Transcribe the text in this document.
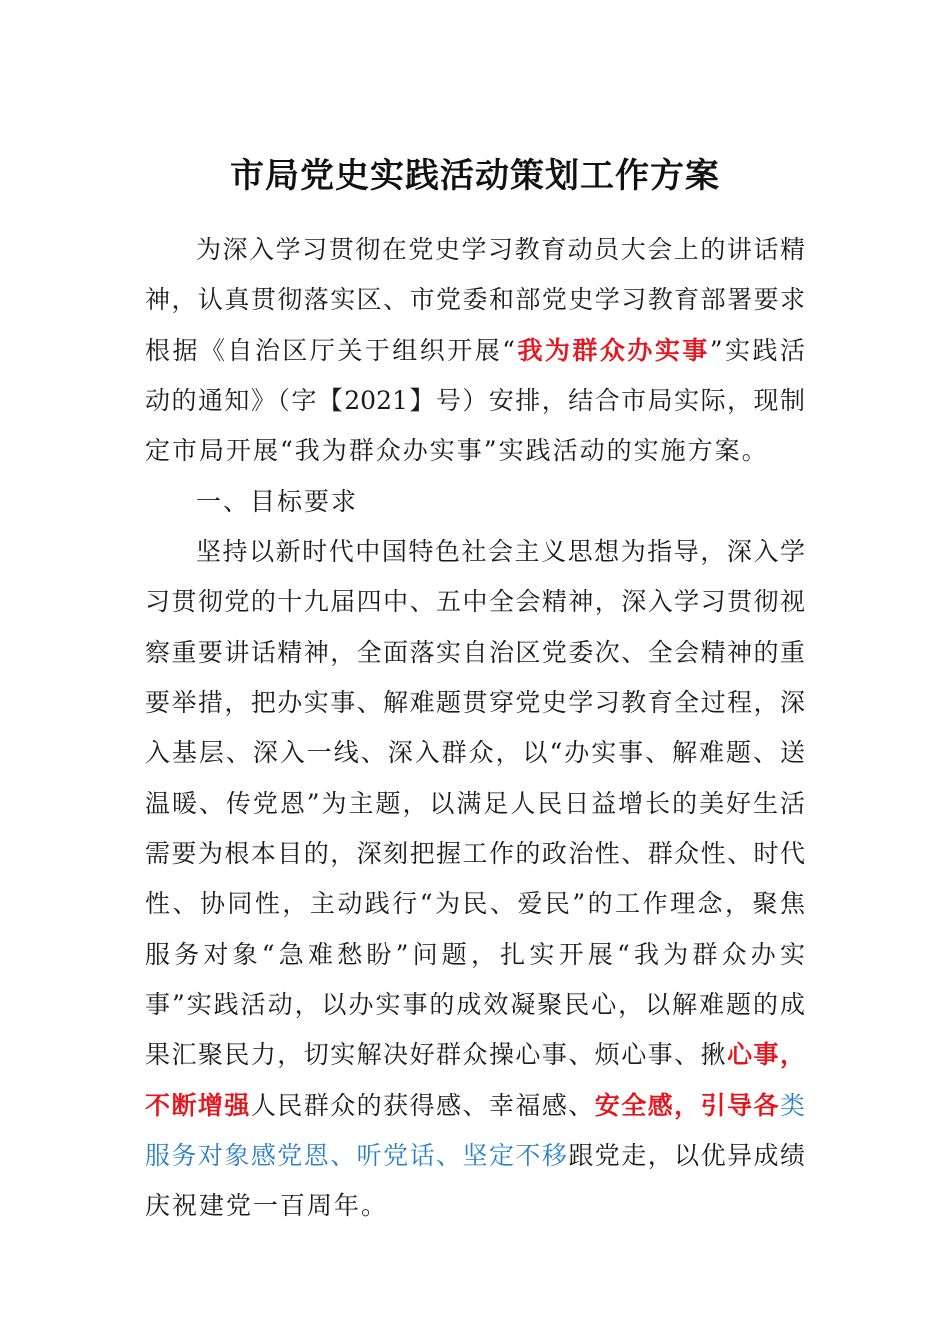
市局党史实践活动策划工作方案
为深入学习贯彻在党史学习教育动员大会上的讲话精
神，认真贯彻落实区、市党委和部党史学习教育部署要求
根据《自治区厅关于组织开展“我为群众办实事”实践活
动的通知》（字【2021】号）安排，结合市局实际，现制
定市局开展“我为群众办实事”实践活动的实施方案。
一、目标要求
坚持以新时代中国特色社会主义思想为指导，深入学
习贯彻党的十九届四中、五中全会精神，深入学习贯彻视
察重要讲话精神，全面落实自治区党委次、全会精神的重
要举措，把办实事、解难题贯穿党史学习教育全过程，深
入基层、深入一线、深入群众，以“办实事、解难题、送
温暖、传党恩”为主题，以满足人民日益增长的美好生活
需要为根本目的，深刻把握工作的政治性、群众性、时代
性、协同性，主动践行“为民、爱民”的工作理念，聚焦
服务对象“急难愁盼”问题，扎实开展“我为群众办实
事”实践活动，以办实事的成效凝聚民心，以解难题的成
果汇聚民力，切实解决好群众操心事、烦心事、揪心事，
不断增强人民群众的获得感、幸福感、安全感，引导各类
服务对象感党恩、听党话、坚定不移跟党走，以优异成绩
庆祝建党一百周年。
